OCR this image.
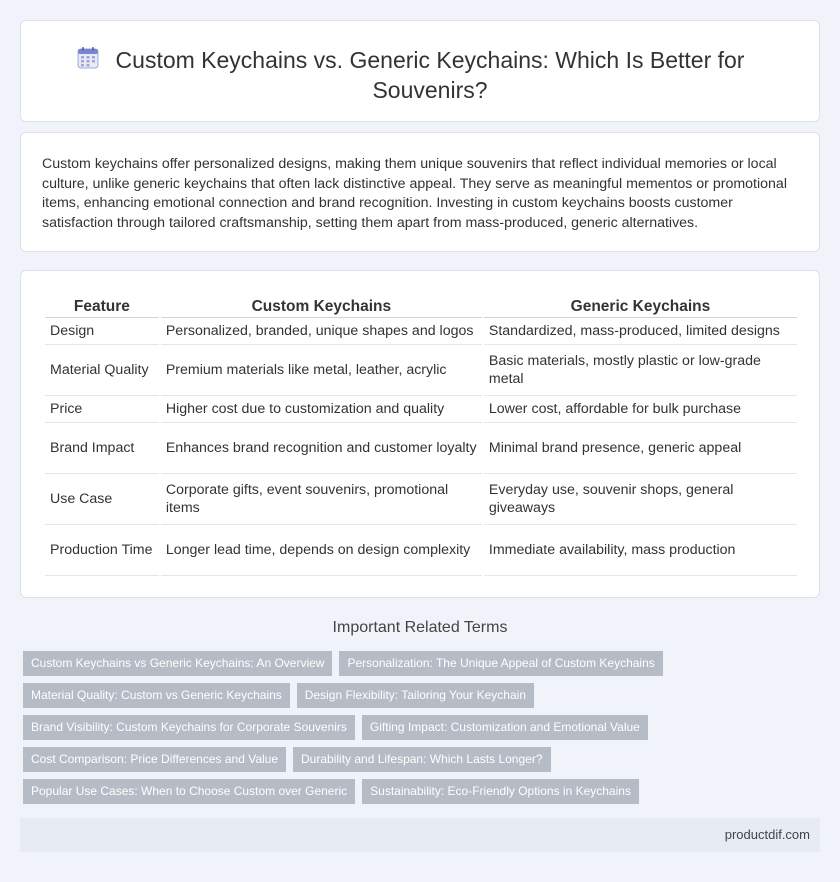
Custom Keychains vs. Generic Keychains: Which Is Better for Souvenirs?

Custom keychains offer personalized designs, making them unique souvenirs that reflect individual memories or local culture, unlike generic keychains that often lack distinctive appeal. They serve as meaningful mementos or promotional items, enhancing emotional connection and brand recognition. Investing in custom keychains boosts customer satisfaction through tailored craftsmanship, setting them apart from mass-produced, generic alternatives.

Feature	Custom Keychains	Generic Keychains
Design	Personalized, branded, unique shapes and logos	Standardized, mass-produced, limited designs
Material Quality	Premium materials like metal, leather, acrylic	Basic materials, mostly plastic or low-grade metal
Price	Higher cost due to customization and quality	Lower cost, affordable for bulk purchase
Brand Impact	Enhances brand recognition and customer loyalty	Minimal brand presence, generic appeal
Use Case	Corporate gifts, event souvenirs, promotional items	Everyday use, souvenir shops, general giveaways
Production Time	Longer lead time, depends on design complexity	Immediate availability, mass production
Important Related Terms
Custom Keychains vs Generic Keychains: An Overview	Personalization: The Unique Appeal of Custom Keychains
Material Quality: Custom vs Generic Keychains	Design Flexibility: Tailoring Your Keychain
Brand Visibility: Custom Keychains for Corporate Souvenirs	Gifting Impact: Customization and Emotional Value
Cost Comparison: Price Differences and Value	Durability and Lifespan: Which Lasts Longer?
Popular Use Cases: When to Choose Custom over Generic	Sustainability: Eco-Friendly Options in Keychains
productdif.com
